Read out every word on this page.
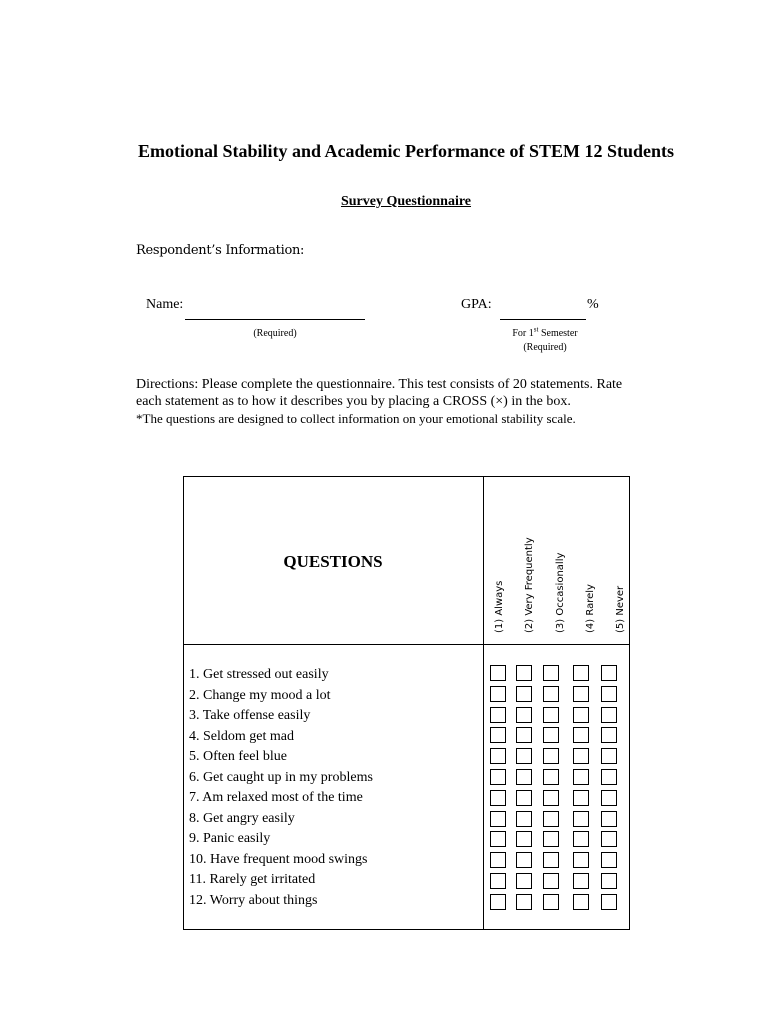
Emotional Stability and Academic Performance of STEM 12 Students
Survey Questionnaire
Respondent’s Information:
Name:
(Required)
GPA:	%
For 1st Semester
(Required)
Directions: Please complete the questionnaire. This test consists of 20 statements. Rate
each statement as to how it describes you by placing a CROSS (×) in the box.
*The questions are designed to collect information on your emotional stability scale.
QUESTIONS
(1) Always (2) Very Frequently (3) Occasionally (4) Rarely (5) Never
1. Get stressed out easily
2. Change my mood a lot
3. Take offense easily
4. Seldom get mad
5. Often feel blue
6. Get caught up in my problems
7. Am relaxed most of the time
8. Get angry easily
9. Panic easily
10. Have frequent mood swings
11. Rarely get irritated
12. Worry about things
